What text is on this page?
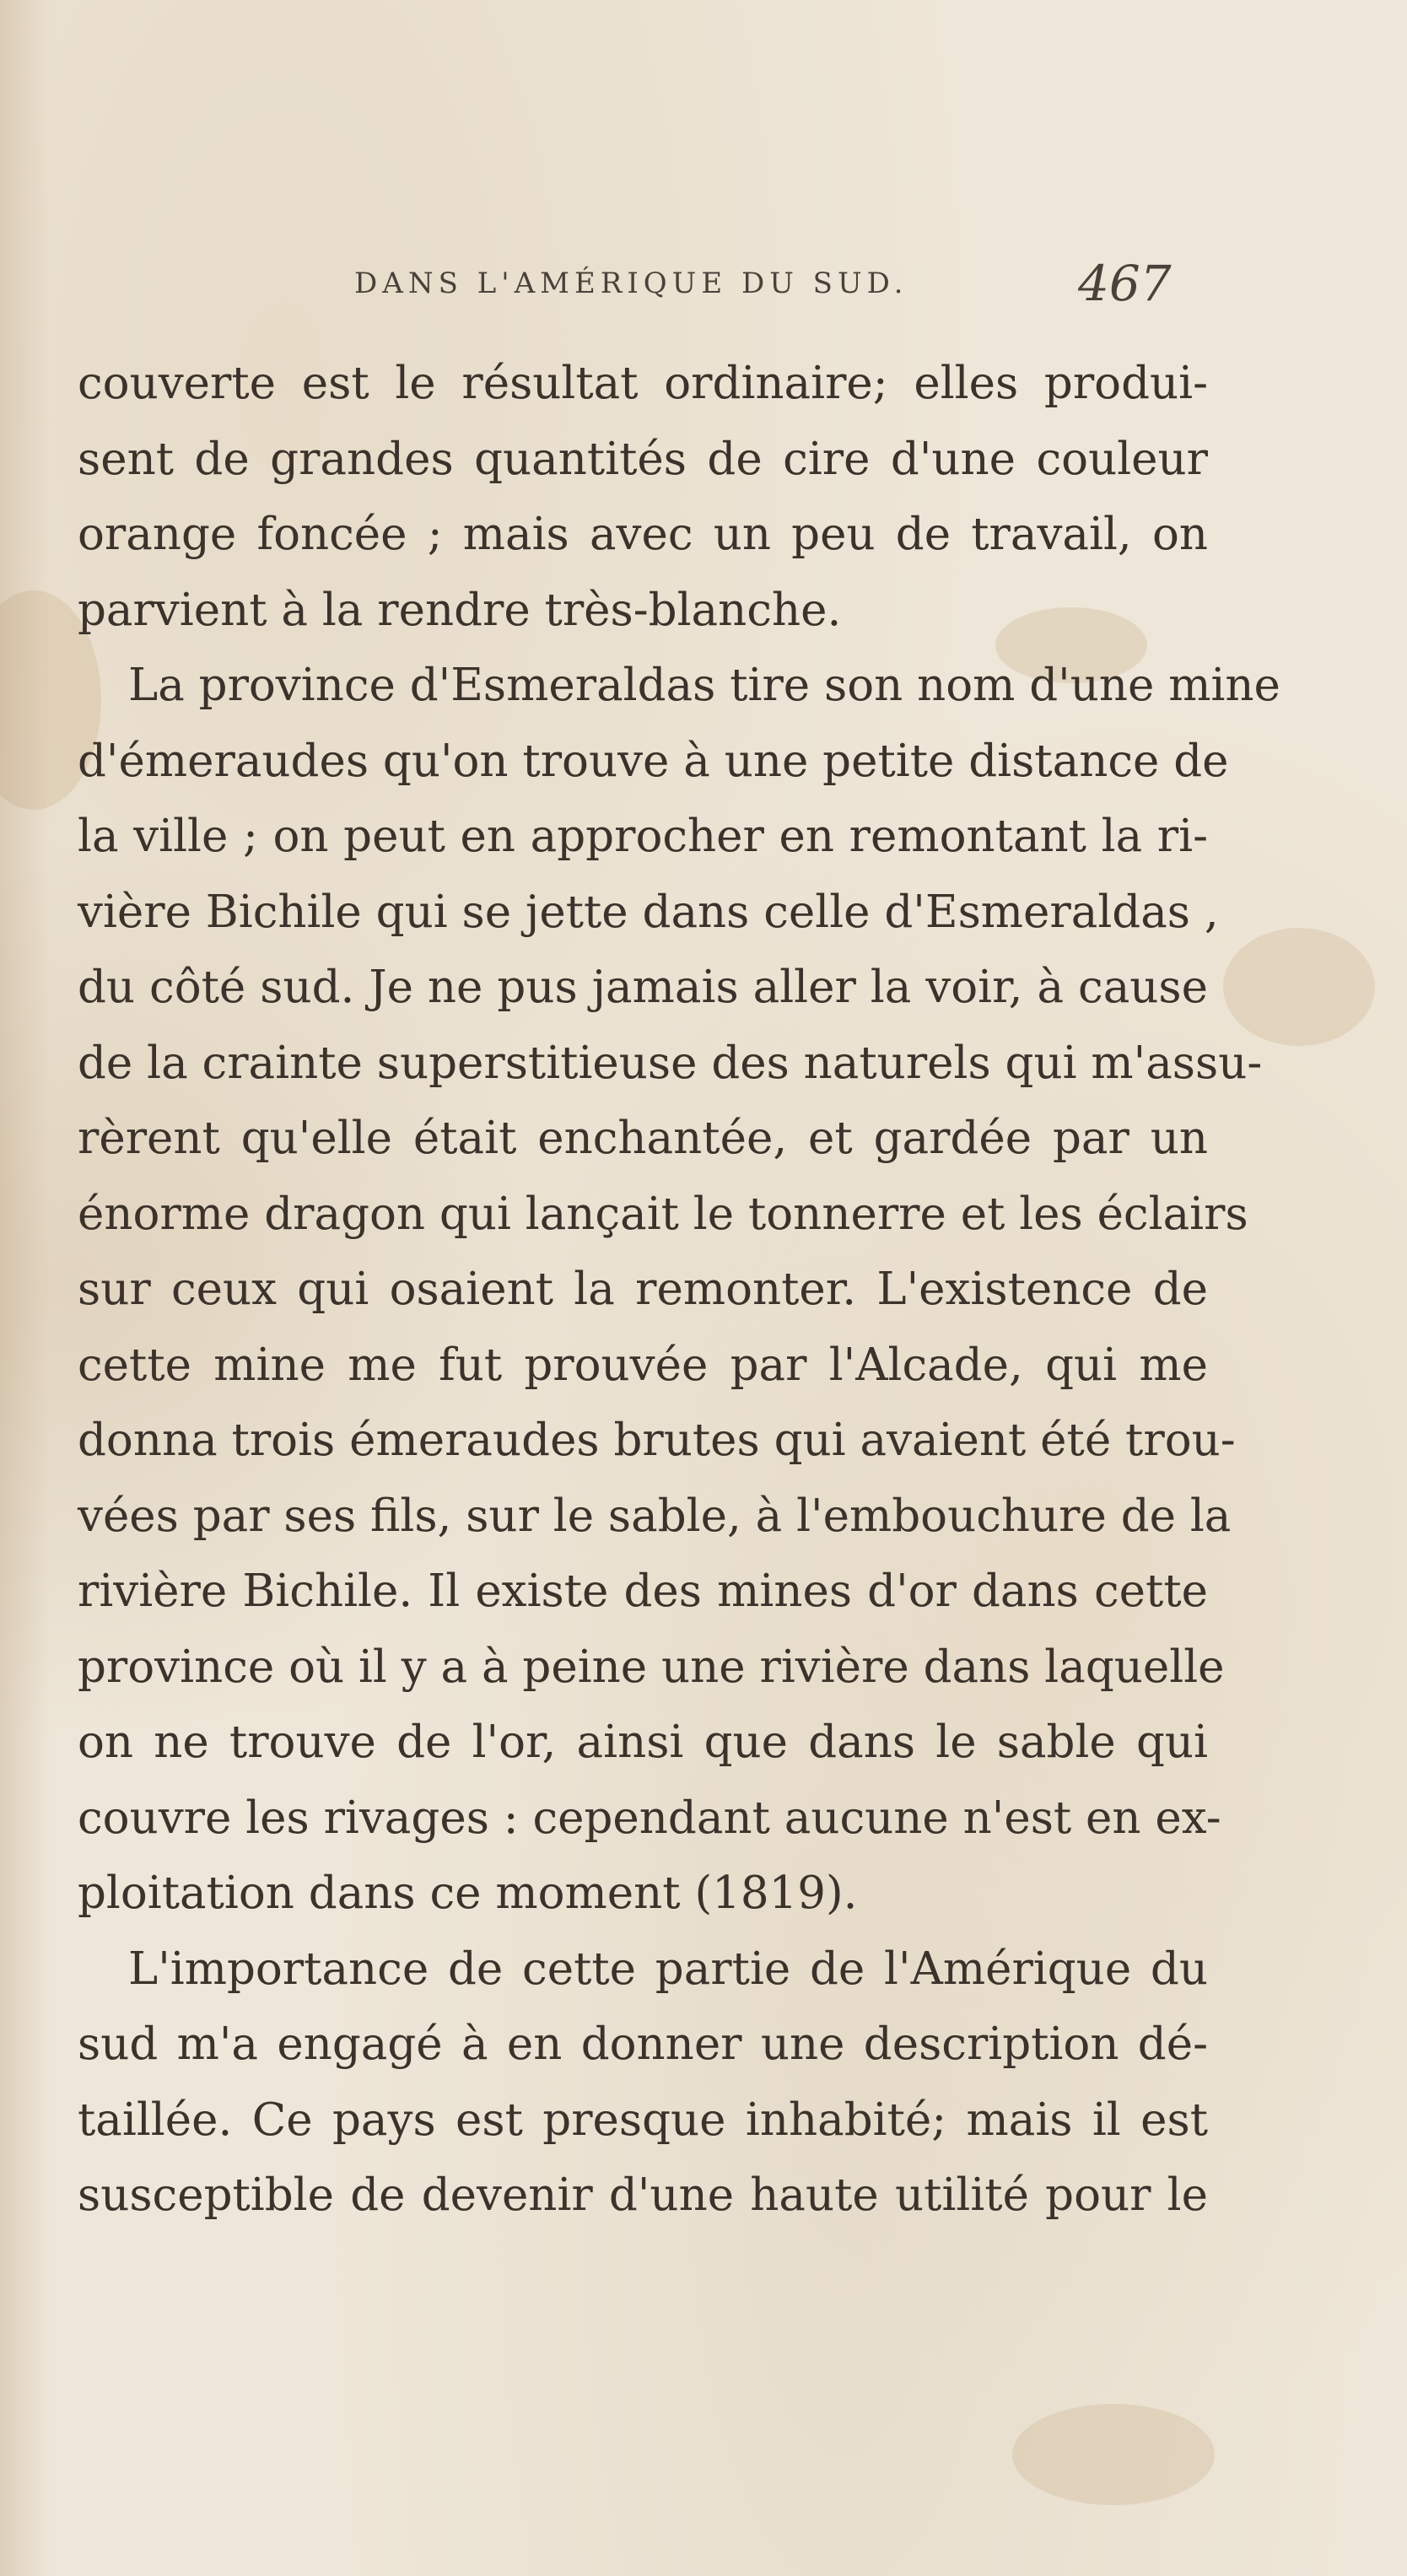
DANS L'AMÉRIQUE DU SUD.	467
couverte est le résultat ordinaire; elles produi-
sent de grandes quantités de cire d'une couleur
orange foncée ; mais avec un peu de travail, on
parvient à la rendre très-blanche.
La province d'Esmeraldas tire son nom d'une mine
d'émeraudes qu'on trouve à une petite distance de
la ville ; on peut en approcher en remontant la ri-
vière Bichile qui se jette dans celle d'Esmeraldas ,
du côté sud. Je ne pus jamais aller la voir, à cause
de la crainte superstitieuse des naturels qui m'assu-
rèrent qu'elle était enchantée, et gardée par un
énorme dragon qui lançait le tonnerre et les éclairs
sur ceux qui osaient la remonter. L'existence de
cette mine me fut prouvée par l'Alcade, qui me
donna trois émeraudes brutes qui avaient été trou-
vées par ses fils, sur le sable, à l'embouchure de la
rivière Bichile. Il existe des mines d'or dans cette
province où il y a à peine une rivière dans laquelle
on ne trouve de l'or, ainsi que dans le sable qui
couvre les rivages : cependant aucune n'est en ex-
ploitation dans ce moment (1819).
L'importance de cette partie de l'Amérique du
sud m'a engagé à en donner une description dé-
taillée. Ce pays est presque inhabité; mais il est
susceptible de devenir d'une haute utilité pour le
